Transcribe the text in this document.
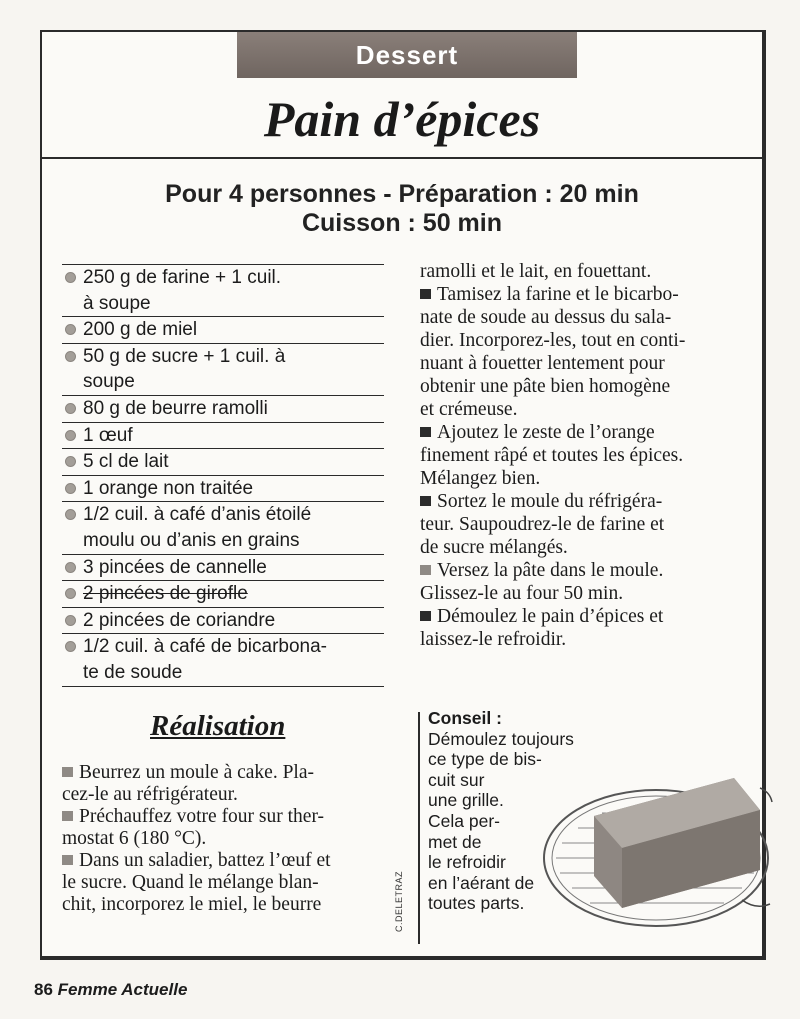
Dessert
Pain d’épices
Pour 4 personnes - Préparation : 20 min
Cuisson : 50 min
250 g de farine + 1 cuil.
à soupe
200 g de miel
50 g de sucre + 1 cuil. à
soupe
80 g de beurre ramolli
1 œuf
5 cl de lait
1 orange non traitée
1/2 cuil. à café d’anis étoilé
moulu ou d’anis en grains
3 pincées de cannelle
2 pincées de girofle
2 pincées de coriandre
1/2 cuil. à café de bicarbona-
te de soude
Réalisation

Beurrez un moule à cake. Pla-
cez-le au réfrigérateur.

Préchauffez votre four sur ther-
mostat 6 (180 °C).

Dans un saladier, battez l’œuf et
le sucre. Quand le mélange blan-
chit, incorporez le miel, le beurre

ramolli et le lait, en fouettant.

Tamisez la farine et le bicarbo-
nate de soude au dessus du sala-
dier. Incorporez-les, tout en conti-
nuant à fouetter lentement pour
obtenir une pâte bien homogène
et crémeuse.

Ajoutez le zeste de l’orange
finement râpé et toutes les épices.
Mélangez bien.

Sortez le moule du réfrigéra-
teur. Saupoudrez-le de farine et
de sucre mélangés.

Versez la pâte dans le moule.
Glissez-le au four 50 min.

Démoulez le pain d’épices et
laissez-le refroidir.

C.DELETRAZ
Conseil :
Démoulez toujours
ce type de bis-
cuit sur
une grille.
Cela per-
met de
le refroidir
en l’aérant de
toutes parts.
86 Femme Actuelle
